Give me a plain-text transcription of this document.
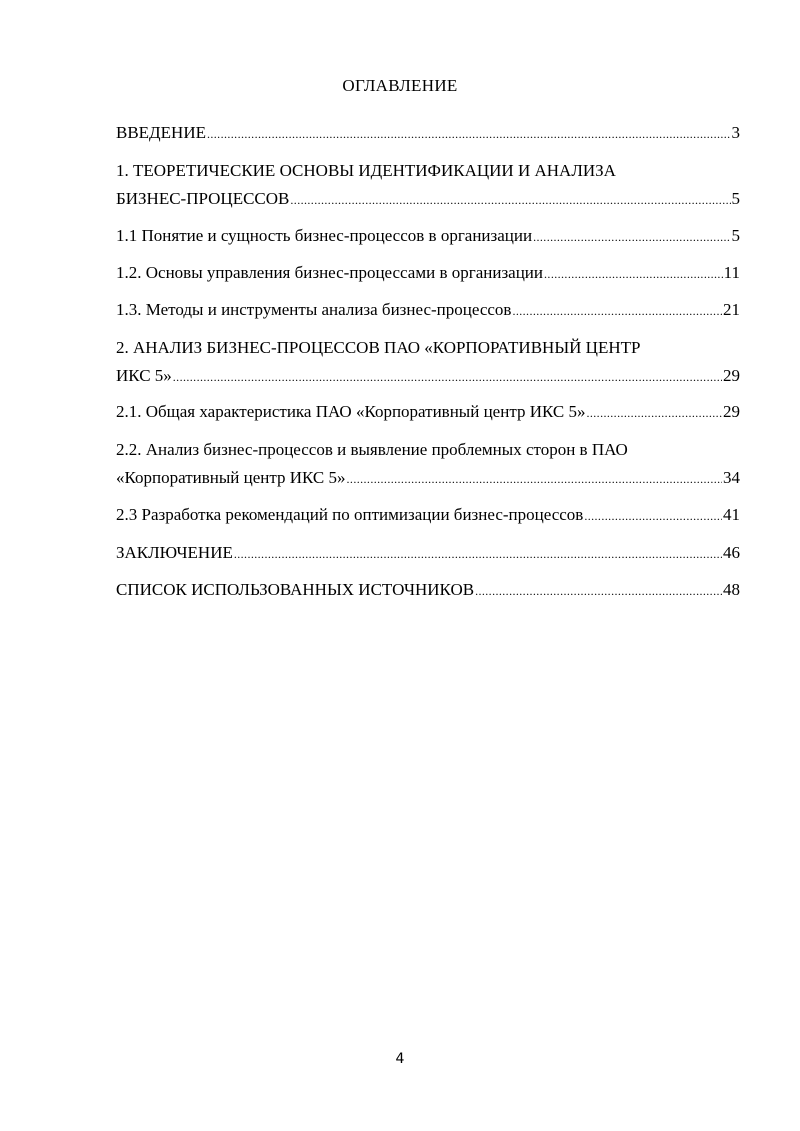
ОГЛАВЛЕНИЕ
ВВЕДЕНИЕ .....	3
1. ТЕОРЕТИЧЕСКИЕ ОСНОВЫ ИДЕНТИФИКАЦИИ И АНАЛИЗА
БИЗНЕС-ПРОЦЕССОВ .....	5
1.1 Понятие и сущность бизнес-процессов в организации .....	5
1.2. Основы управления бизнес-процессами в организации .....	11
1.3. Методы и инструменты анализа бизнес-процессов .....	21
2. АНАЛИЗ БИЗНЕС-ПРОЦЕССОВ ПАО «КОРПОРАТИВНЫЙ ЦЕНТР
ИКС 5» .....	29
2.1. Общая характеристика ПАО «Корпоративный центр ИКС 5» .....	29
2.2. Анализ бизнес-процессов и выявление проблемных сторон в ПАО
«Корпоративный центр ИКС 5» .....	34
2.3 Разработка рекомендаций по оптимизации бизнес-процессов .....	41
ЗАКЛЮЧЕНИЕ .....	46
СПИСОК ИСПОЛЬЗОВАННЫХ ИСТОЧНИКОВ .....	48
4
